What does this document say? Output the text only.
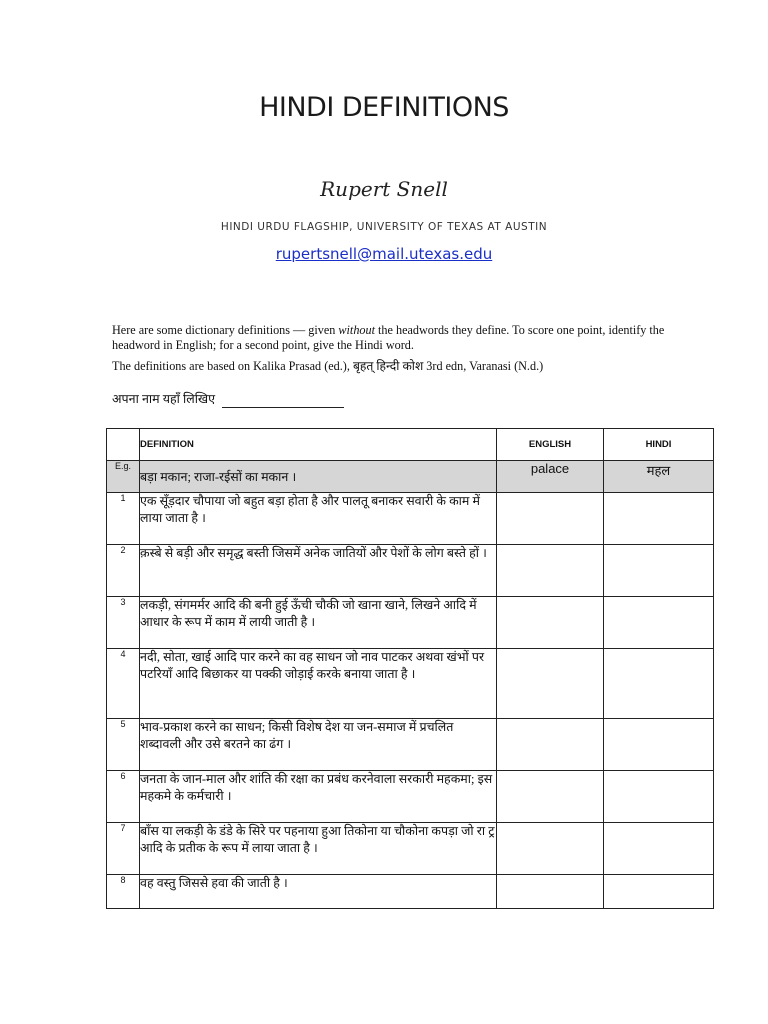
HINDI DEFINITIONS
Rupert Snell
HINDI URDU FLAGSHIP, UNIVERSITY OF TEXAS AT AUSTIN
rupertsnell@mail.utexas.edu

Here are some dictionary definitions — given without the headwords they define. To score one point, identify the headword in English; for a second point, give the Hindi word.

The definitions are based on Kalika Prasad (ed.), बृहत् हिन्दी कोश 3rd edn, Varanasi (N.d.)

अपना नाम यहाँ लिखिए
	DEFINITION	ENGLISH	HINDI
E.g.	बड़ा मकान; राजा-रईसों का मकान ।	palace	महल
1	एक सूँड़दार चौपाया जो बहुत बड़ा होता है और पालतू बनाकर सवारी के काम में लाया जाता है ।		
2	क़स्बे से बड़ी और समृद्ध बस्ती जिसमें अनेक जातियों और पेशों के लोग बस्ते हों ।		
3	लकड़ी, संगमर्मर आदि की बनी हुई ऊँची चौकी जो खाना खाने, लिखने आदि में आधार के रूप में काम में लायी जाती है ।		
4	नदी, सोता, खाई आदि पार करने का वह साधन जो नाव पाटकर अथवा खंभों पर पटरियाँ आदि बिछाकर या पक्की जोड़ाई करके बनाया जाता है ।		
5	भाव-प्रकाश करने का साधन; किसी विशेष देश या जन-समाज में प्रचलित शब्दावली और उसे बरतने का ढंग ।		
6	जनता के जान-माल और शांति की रक्षा का प्रबंध करनेवाला सरकारी महकमा; इस महकमे के कर्मचारी ।		
7	बाँस या लकड़ी के डंडे के सिरे पर पहनाया हुआ तिकोना या चौकोना कपड़ा जो रा ट्र आदि के प्रतीक के रूप में लाया जाता है ।		
8	वह वस्तु जिससे हवा की जाती है ।		
